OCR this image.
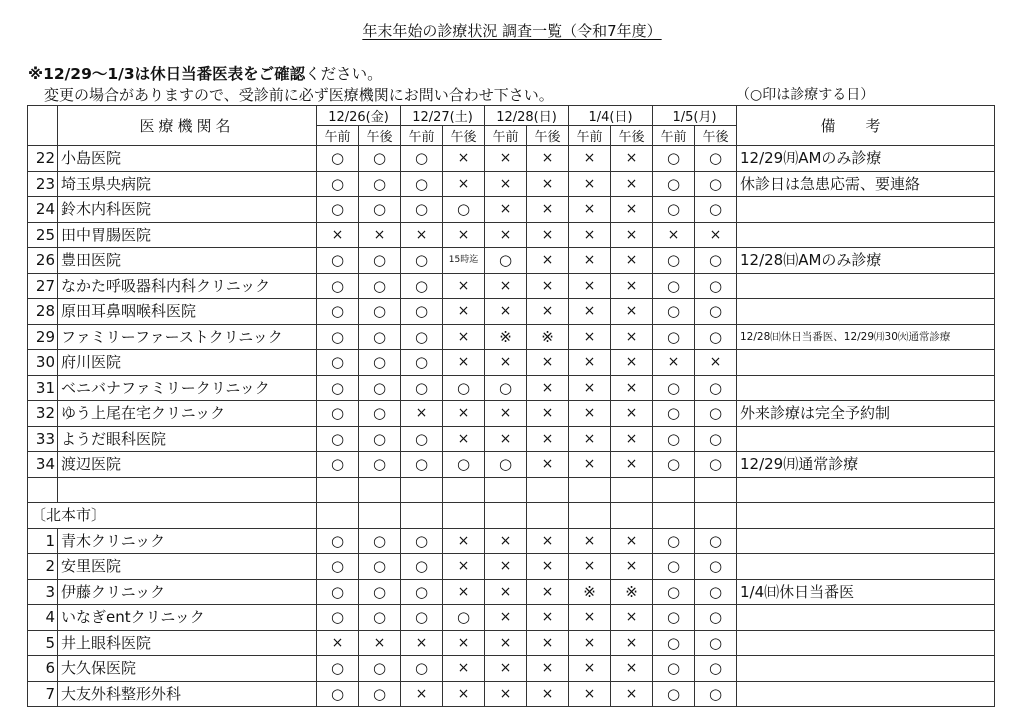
年末年始の診療状況 調査一覧（令和7年度）
※12/29～1/3は休日当番医表をご確認ください。
変更の場合がありますので、受診前に必ず医療機関にお問い合わせ下さい。	（○印は診療する日）
	医療機関名	12/26(金)		12/27(土)		12/28(日)		1/4(日)		1/5(月)		備考
		午前	午後	午前	午後	午前	午後	午前	午後	午前	午後	
22	小島医院	○	○	○	×	×	×	×	×	○	○	12/29㈪AMのみ診療
23	埼玉県央病院	○	○	○	×	×	×	×	×	○	○	休診日は急患応需、要連絡
24	鈴木内科医院	○	○	○	○	×	×	×	×	○	○	
25	田中胃腸医院	×	×	×	×	×	×	×	×	×	×	
26	豊田医院	○	○	○	15時迄	○	×	×	×	○	○	12/28㈰AMのみ診療
27	なかた呼吸器科内科クリニック	○	○	○	×	×	×	×	×	○	○	
28	原田耳鼻咽喉科医院	○	○	○	×	×	×	×	×	○	○	
29	ファミリーファーストクリニック	○	○	○	×	※	※	×	×	○	○	12/28㈰休日当番医、12/29㈪30㈫通常診療
30	府川医院	○	○	○	×	×	×	×	×	×	×	
31	ベニバナファミリークリニック	○	○	○	○	○	×	×	×	○	○	
32	ゆう上尾在宅クリニック	○	○	×	×	×	×	×	×	○	○	外来診療は完全予約制
33	ようだ眼科医院	○	○	○	×	×	×	×	×	○	○	
34	渡辺医院	○	○	○	○	○	×	×	×	○	○	12/29㈪通常診療

〔北本市〕												
1	青木クリニック	○	○	○	×	×	×	×	×	○	○	
2	安里医院	○	○	○	×	×	×	×	×	○	○	
3	伊藤クリニック	○	○	○	×	×	×	※	※	○	○	1/4㈰休日当番医
4	いなぎentクリニック	○	○	○	○	×	×	×	×	○	○	
5	井上眼科医院	×	×	×	×	×	×	×	×	○	○	
6	大久保医院	○	○	○	×	×	×	×	×	○	○	
7	大友外科整形外科	○	○	×	×	×	×	×	×	○	○	
